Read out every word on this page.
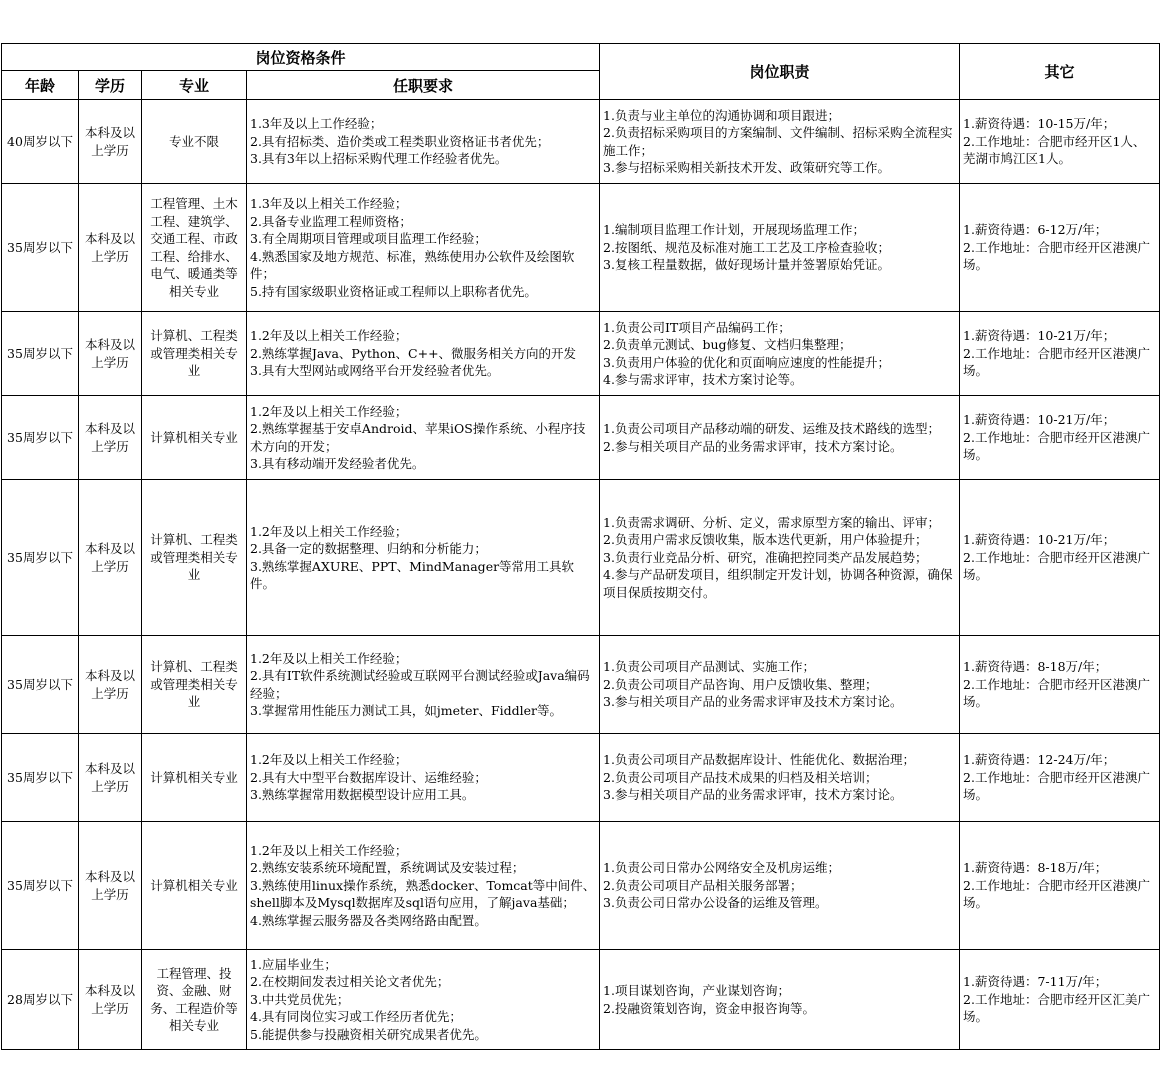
岗位资格条件				岗位职责	其它
年龄	学历	专业	任职要求		
40周岁以下	本科及以上学历	专业不限	1.3年及以上工作经验；
2.具有招标类、造价类或工程类职业资格证书者优先；
3.具有3年以上招标采购代理工作经验者优先。	1.负责与业主单位的沟通协调和项目跟进；
2.负责招标采购项目的方案编制、文件编制、招标采购全流程实施工作；
3.参与招标采购相关新技术开发、政策研究等工作。	1.薪资待遇：10-15万/年；
2.工作地址：合肥市经开区1人、芜湖市鸠江区1人。

35周岁以下	本科及以上学历	工程管理、土木工程、建筑学、交通工程、市政工程、给排水、电气、暖通类等相关专业	1.3年及以上相关工作经验；
2.具备专业监理工程师资格；
3.有全周期项目管理或项目监理工作经验；
4.熟悉国家及地方规范、标准，熟练使用办公软件及绘图软件；
5.持有国家级职业资格证或工程师以上职称者优先。	1.编制项目监理工作计划，开展现场监理工作；
2.按图纸、规范及标准对施工工艺及工序检查验收；
3.复核工程量数据，做好现场计量并签署原始凭证。	1.薪资待遇：6-12万/年；
2.工作地址：合肥市经开区港澳广场。

35周岁以下	本科及以上学历	计算机、工程类或管理类相关专业	1.2年及以上相关工作经验；
2.熟练掌握Java、Python、C++、微服务相关方向的开发
3.具有大型网站或网络平台开发经验者优先。	1.负责公司IT项目产品编码工作；
2.负责单元测试、bug修复、文档归集整理；
3.负责用户体验的优化和页面响应速度的性能提升；
4.参与需求评审，技术方案讨论等。	1.薪资待遇：10-21万/年；
2.工作地址：合肥市经开区港澳广场。

35周岁以下	本科及以上学历	计算机相关专业	1.2年及以上相关工作经验；
2.熟练掌握基于安卓Android、苹果iOS操作系统、小程序技术方向的开发；
3.具有移动端开发经验者优先。	1.负责公司项目产品移动端的研发、运维及技术路线的选型；
2.参与相关项目产品的业务需求评审，技术方案讨论。	1.薪资待遇：10-21万/年；
2.工作地址：合肥市经开区港澳广场。

35周岁以下	本科及以上学历	计算机、工程类或管理类相关专业	1.2年及以上相关工作经验；
2.具备一定的数据整理、归纳和分析能力；
3.熟练掌握AXURE、PPT、MindManager等常用工具软件。	1.负责需求调研、分析、定义，需求原型方案的输出、评审；
2.负责用户需求反馈收集，版本迭代更新，用户体验提升；
3.负责行业竞品分析、研究，准确把控同类产品发展趋势；
4.参与产品研发项目，组织制定开发计划，协调各种资源，确保项目保质按期交付。	1.薪资待遇：10-21万/年；
2.工作地址：合肥市经开区港澳广场。

35周岁以下	本科及以上学历	计算机、工程类或管理类相关专业	1.2年及以上相关工作经验；
2.具有IT软件系统测试经验或互联网平台测试经验或Java编码经验；
3.掌握常用性能压力测试工具，如jmeter、Fiddler等。	1.负责公司项目产品测试、实施工作；
2.负责公司项目产品咨询、用户反馈收集、整理；
3.参与相关项目产品的业务需求评审及技术方案讨论。	1.薪资待遇：8-18万/年；
2.工作地址：合肥市经开区港澳广场。

35周岁以下	本科及以上学历	计算机相关专业	1.2年及以上相关工作经验；
2.具有大中型平台数据库设计、运维经验；
3.熟练掌握常用数据模型设计应用工具。	1.负责公司项目产品数据库设计、性能优化、数据治理；
2.负责公司项目产品技术成果的归档及相关培训；
3.参与相关项目产品的业务需求评审，技术方案讨论。	1.薪资待遇：12-24万/年；
2.工作地址：合肥市经开区港澳广场。

35周岁以下	本科及以上学历	计算机相关专业	1.2年及以上相关工作经验；
2.熟练安装系统环境配置，系统调试及安装过程；
3.熟练使用linux操作系统，熟悉docker、Tomcat等中间件、shell脚本及Mysql数据库及sql语句应用，了解java基础；
4.熟练掌握云服务器及各类网络路由配置。	1.负责公司日常办公网络安全及机房运维；
2.负责公司项目产品相关服务部署；
3.负责公司日常办公设备的运维及管理。	1.薪资待遇：8-18万/年；
2.工作地址：合肥市经开区港澳广场。

28周岁以下	本科及以上学历	工程管理、投资、金融、财务、工程造价等相关专业	1.应届毕业生；
2.在校期间发表过相关论文者优先；
3.中共党员优先；
4.具有同岗位实习或工作经历者优先；
5.能提供参与投融资相关研究成果者优先。	1.项目谋划咨询，产业谋划咨询；
2.投融资策划咨询，资金申报咨询等。	1.薪资待遇：7-11万/年；
2.工作地址：合肥市经开区汇美广场。
